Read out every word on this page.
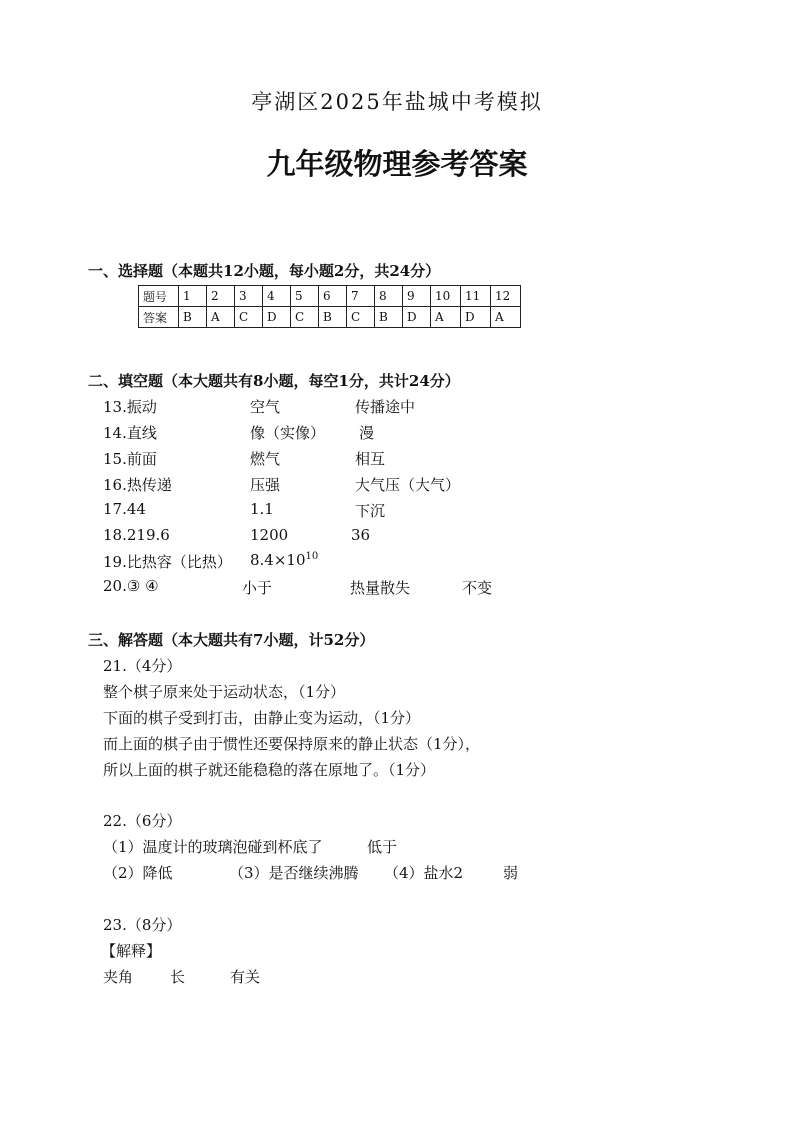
亭湖区2025年盐城中考模拟
九年级物理参考答案
一、选择题（本题共12小题，每小题2分，共24分）
题号	1	2	3	4	5	6	7	8	9	10	11	12
答案	B	A	C	D	C	B	C	B	D	A	D	A
二、填空题（本大题共有8小题，每空1分，共计24分）
13.振动	空气	传播途中
14.直线	像（实像） 漫
15.前面	燃气	相互
16.热传递	压强	大气压（大气）
17.44	1.1	下沉
18.219.6	1200	36
19.比热容（比热） $8.4\times 10^{10}$
20.③ ④	小于	热量散失	不变
三、解答题（本大题共有7小题，计52分）
21.（4分）
整个棋子原来处于运动状态，（1分）
下面的棋子受到打击，由静止变为运动，（1分）
而上面的棋子由于惯性还要保持原来的静止状态（1分），
所以上面的棋子就还能稳稳的落在原地了。（1分）
22.（6分）
（1）温度计的玻璃泡碰到杯底了	低于
（2）降低	（3）是否继续沸腾 （4）盐水2	弱
23.（8分）
【解释】
夹角 长	有关
